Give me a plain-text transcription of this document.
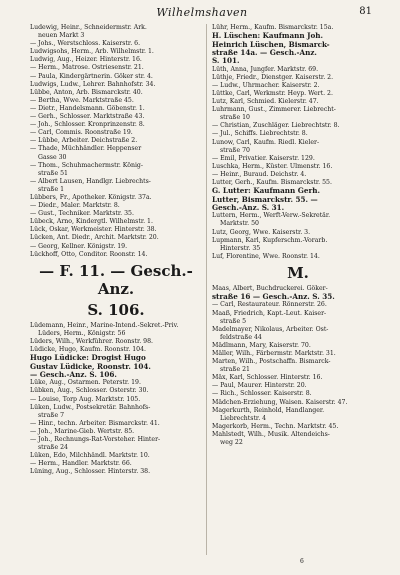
Wilhelmshaven	81
Ludewig, Heinr., Schneidermstr. Ark.
neuen Markt 3
— Johs., Werstschloss. Kaiserstr. 6.
Ludwigsohs, Herm., Arb. Wilhelmstr. 1.
Ludwig, Aug., Heizer. Hinterstr. 16.
— Herm., Matrose. Ostriesenstr. 21.
— Paula, Kindergärtnerin. Göker str. 4.
Ludwigs, Ludw., Lehrer. Bahnhofstr. 34.
Lübbe, Anton, Arb. Bismarckstr. 40.
— Bertha, Wwe. Marktstraße 45.
— Dietr., Handelsmann. Göbenstr. 1.
— Gerh., Schlosser. Marktstraße 43.
— Joh., Schlosser. Kronprinzenstr. 8.
— Carl, Commis. Roonstraße 19.
— Lübbe, Arbeiter. Deichstraße 2.
— Thade, Müchhändler. Heppenser
Gasse 30
— Thom., Schuhmachermstr. König-
straße 51
— Albert Lausen, Handlgr. Liebrechts-
straße 1
Lübbers, Fr., Apotheker. Königstr. 37a.
— Diedr., Maler. Marktstr. 8.
— Gust., Techniker. Marktstr. 35.
Lübeck, Arno, Kindergtl. Wilhelmstr. 1.
Lück, Oskar, Werkmeister. Hinterstr. 38.
Lücken, Ant. Diedr., Archit. Marktstr. 20.
— Georg, Kellner. Königstr. 19.
Lückhoff, Otto, Conditor. Roonstr. 14.
— F. 11. — Gesch.-Anz.
S. 106.
Lüdemann, Heinr., Marine-Intend.-Sekret.-Priv.
Lüders, Herm., Königstr. 56
Lüders, Wilh., Werkführer. Roonstr. 98.
Lüdicke, Hugo, Kaufm. Roonstr. 104.
Hugo Lüdicke: Drogist Hugo
Gustav Lüdicke, Roonstr. 104.
— Gesch.-Anz. S. 106.
Lüke, Aug., Ostarmen. Peterstr. 19.
Lübken, Aug., Schlosser. Osterstr. 30.
— Louise, Torp Aug. Marktstr. 105.
Lüken, Ludw., Postsekretär. Bahnhofs-
straße 7
— Hinr., techn. Arbeiter. Bismarckstr. 41.
— Joh., Marine-Gieb. Wertstr. 85.
— Joh., Rechnungs-Rat-Vorsteher. Hinter-
straße 24
Lüken, Edo, Milchhändl. Marktstr. 10.
— Herm., Handler. Marktstr. 66.
Lüning, Aug., Schlosser. Hinterstr. 38.
Lühr, Herm., Kaufm. Bismarckstr. 15a.
H. Lüschen: Kaufmann Joh.
Heinrich Lüschen, Bismarck-
straße 14a. — Gesch.-Anz.
S. 101.
Lüth, Anna, Jungfer. Marktstr. 69.
Lüthje, Friedr., Dienstger. Kaiserstr. 2.
— Ludw., Uhrmacher. Kaiserstr. 2.
Lüttke, Carl, Werkmstr. Heyp. Wert. 2.
Lutz, Karl, Schmied. Kielerstr. 47.
Luhrmann, Gust., Zimmerer. Liebrecht-
straße 10
— Christian, Zuschläger. Liebrechtstr. 8.
— Jul., Schiffs. Liebrechtstr. 8.
Lunow, Carl, Kaufm. Riedl. Kieler-
straße 70
— Emil, Privatier. Kaiserstr. 129.
Luschka, Herm., Küster. Ulmenstr. 16.
— Heinr., Buraud. Deichstr. 4.
Lutter, Gerh., Kaufm. Bismarckstr. 55.
G. Lutter: Kaufmann Gerh.
Lutter, Bismarckstr. 55. —
Gesch.-Anz. S. 31.
Luttern, Herm., Werft-Verw.-Sekretär.
Marktstr. 50
Lutz, Georg, Wwe. Kaiserstr. 3.
Lupmann, Karl, Kupferschm.-Vorarb.
Hinterstr. 35
Luf, Florentine, Wwe. Roonstr. 14.
M.
Maas, Albert, Buchdruckerei. Göker-
straße 16 — Gesch.-Anz. S. 35.
— Carl, Restaurateur. Rönnerstr. 26.
Maaß, Friedrich, Kapt.-Leut. Kaiser-
straße 5
Madelmayer, Nikolaus, Arbeiter. Ost-
feldstraße 44
Mädlmann, Mary, Kaiserstr. 70.
Mäller, Wilh., Färbermstr. Marktstr. 31.
Marten, Wilh., Postschaffn. Bismarck-
straße 21
Mäx, Karl, Schlosser. Hinterstr. 16.
— Paul, Maurer. Hinterstr. 20.
— Rich., Schlosser. Kaiserstr. 8.
Mädchen-Erziehung, Waisen. Kaiserstr. 47.
Magerkurth, Reinhold, Handlanger.
Liebrechtstr. 4
Magerkorb, Herm., Techn. Marktstr. 45.
Mahlstedt, Wilh., Musik. Altendeichs-
weg 22
6
